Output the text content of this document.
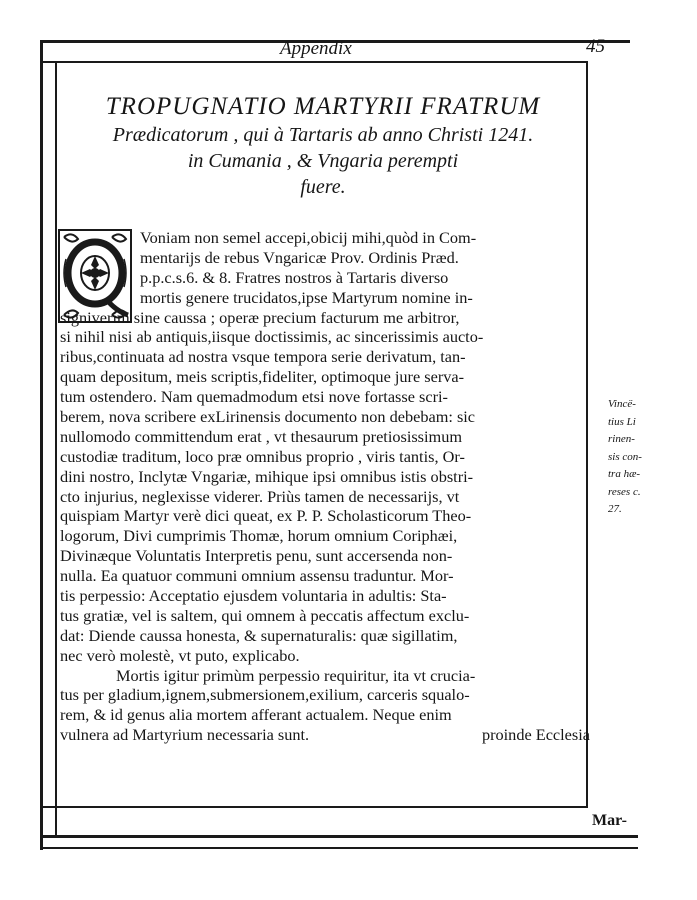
Appendix	45
TROPUGNATIO MARTYRII FRATRUM
Prædicatorum , qui à Tartaris ab anno Christi 1241.
in Cumania , & Vngaria perempti
fuere.
Voniam non semel accepi,obicij mihi,quòd in Com-
mentarijs de rebus Vngaricæ Prov. Ordinis Præd.
p.p.c.s.6. & 8. Fratres nostros à Tartaris diverso
mortis genere trucidatos,ipse Martyrum nomine in-
signiverim sine caussa ; operæ precium facturum me arbitror,
si nihil nisi ab antiquis,iisque doctissimis, ac sincerissimis aucto-
ribus,continuata ad nostra vsque tempora serie derivatum, tan-
quam depositum, meis scriptis,fideliter, optimoque jure serva-
tum ostendero. Nam quemadmodum etsi nove fortasse scri-
berem, nova scribere exLirinensis documento non debebam: sic
nullomodo committendum erat , vt thesaurum pretiosissimum
custodiæ traditum, loco præ omnibus proprio , viris tantis, Or-
dini nostro, Inclytæ Vngariæ, mihique ipsi omnibus istis obstri-
cto injurius, neglexisse viderer. Priùs tamen de necessarijs, vt
quispiam Martyr verè dici queat, ex P. P. Scholasticorum Theo-
logorum, Divi cumprimis Thomæ, horum omnium Coriphæi,
Divinæque Voluntatis Interpretis penu, sunt accersenda non-
nulla. Ea quatuor communi omnium assensu traduntur. Mor-
tis perpessio: Acceptatio ejusdem voluntaria in adultis: Sta-
tus gratiæ, vel is saltem, qui omnem à peccatis affectum exclu-
dat: Diende caussa honesta, & supernaturalis: quæ sigillatim,
nec verò molestè, vt puto, explicabo.
Mortis igitur primùm perpessio requiritur, ita vt crucia-
tus per gladium,ignem,submersionem,exilium, carceris squalo-
rem, & id genus alia mortem afferant actualem. Neque enim
vulnera ad Martyrium necessaria sunt.	proinde Ecclesia
Vincë-
tius Li
rinen-
sis con-
tra hæ-
reses c.
27.
Mar-
